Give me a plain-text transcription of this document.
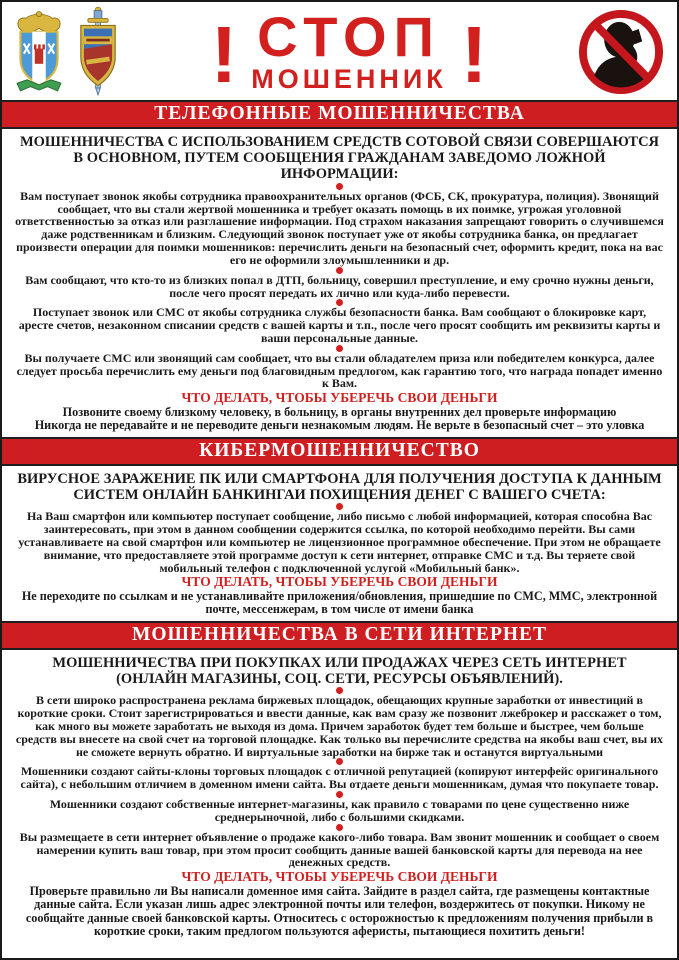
! СТОП
МОШЕННИК !
ТЕЛЕФОННЫЕ МОШЕННИЧЕСТВА

МОШЕННИЧЕСТВА С ИСПОЛЬЗОВАНИЕМ СРЕДСТВ СОТОВОЙ СВЯЗИ СОВЕРШАЮТСЯ В ОСНОВНОМ, ПУТЕМ СООБЩЕНИЯ ГРАЖДАНАМ ЗАВЕДОМО ЛОЖНОЙ ИНФОРМАЦИИ:

Вам поступает звонок якобы сотрудника правоохранительных органов (ФСБ, СК, прокуратура, полиция). Звонящий сообщает, что вы стали жертвой мошенника и требует оказать помощь в их поимке, угрожая уголовной ответственностью за отказ или разглашение информации. Под страхом наказания запрещают говорить о случившемся даже родственникам и близким. Следующий звонок поступает уже от якобы сотрудника банка, он предлагает произвести операции для поимки мошенников: перечислить деньги на безопасный счет, оформить кредит, пока на вас его не оформили злоумышленники и др.

Вам сообщают, что кто-то из близких попал в ДТП, больницу, совершил преступление, и ему срочно нужны деньги, после чего просят передать их лично или куда-либо перевести.

Поступает звонок или СМС от якобы сотрудника службы безопасности банка. Вам сообщают о блокировке карт, аресте счетов, незаконном списании средств с вашей карты и т.п., после чего просят сообщить им реквизиты карты и ваши персональные данные.

Вы получаете СМС или звонящий сам сообщает, что вы стали обладателем приза или победителем конкурса, далее следует просьба перечислить ему деньги под благовидным предлогом, как гарантию того, что награда попадет именно к Вам.

ЧТО ДЕЛАТЬ, ЧТОБЫ УБЕРЕЧЬ СВОИ ДЕНЬГИ

Позвоните своему близкому человеку, в больницу, в органы внутренних дел проверьте информацию

Никогда не передавайте и не переводите деньги незнакомым людям. Не верьте в безопасный счет – это уловка

КИБЕРМОШЕННИЧЕСТВО

ВИРУСНОЕ ЗАРАЖЕНИЕ ПК ИЛИ СМАРТФОНА ДЛЯ ПОЛУЧЕНИЯ ДОСТУПА К ДАННЫМ СИСТЕМ ОНЛАЙН БАНКИНГАИ ПОХИЩЕНИЯ ДЕНЕГ С ВАШЕГО СЧЕТА:

На Ваш смартфон или компьютер поступает сообщение, либо письмо с любой информацией, которая способна Вас заинтересовать, при этом в данном сообщении содержится ссылка, по которой необходимо перейти. Вы сами устанавливаете на свой смартфон или компьютер не лицензионное программное обеспечение. При этом не обращаете внимание, что предоставляете этой программе доступ к сети интернет, отправке СМС и т.д. Вы теряете свой мобильный телефон с подключенной услугой «Мобильный банк».

ЧТО ДЕЛАТЬ, ЧТОБЫ УБЕРЕЧЬ СВОИ ДЕНЬГИ

Не переходите по ссылкам и не устанавливайте приложения/обновления, пришедшие по СМС, ММС, электронной почте, мессенжерам, в том числе от имени банка

МОШЕННИЧЕСТВА В СЕТИ ИНТЕРНЕТ

МОШЕННИЧЕСТВА ПРИ ПОКУПКАХ ИЛИ ПРОДАЖАХ ЧЕРЕЗ СЕТЬ ИНТЕРНЕТ (ОНЛАЙН МАГАЗИНЫ, СОЦ. СЕТИ, РЕСУРСЫ ОБЪЯВЛЕНИЙ).

В сети широко распространена реклама биржевых площадок, обещающих крупные заработки от инвестиций в короткие сроки. Стоит зарегистрироваться и ввести данные, как вам сразу же позвонит лжеброкер и расскажет о том, как много вы можете заработать не выходя из дома. Причем заработок будет тем больше и быстрее, чем больше средств вы внесете на свой счет на торговой площадке. Как только вы перечислите средства на якобы ваш счет, вы их не сможете вернуть обратно. И виртуальные заработки на бирже так и останутся виртуальными

Мошенники создают сайты-клоны торговых площадок с отличной репутацией (копируют интерфейс оригинального сайта), с небольшим отличием в доменном имени сайта. Вы отдаете деньги мошенникам, думая что покупаете товар.

Мошенники создают собственные интернет-магазины, как правило с товарами по цене существенно ниже среднерыночной, либо с большими скидками.

Вы размещаете в сети интернет объявление о продаже какого-либо товара. Вам звонит мошенник и сообщает о своем намерении купить ваш товар, при этом просит сообщить данные вашей банковской карты для перевода на нее денежных средств.

ЧТО ДЕЛАТЬ, ЧТОБЫ УБЕРЕЧЬ СВОИ ДЕНЬГИ

Проверьте правильно ли Вы написали доменное имя сайта. Зайдите в раздел сайта, где размещены контактные данные сайта. Если указан лишь адрес электронной почты или телефон, воздержитесь от покупки. Никому не сообщайте данные своей банковской карты. Относитесь с осторожностью к предложениям получения прибыли в короткие сроки, таким предлогом пользуются аферисты, пытающиеся похитить деньги!
